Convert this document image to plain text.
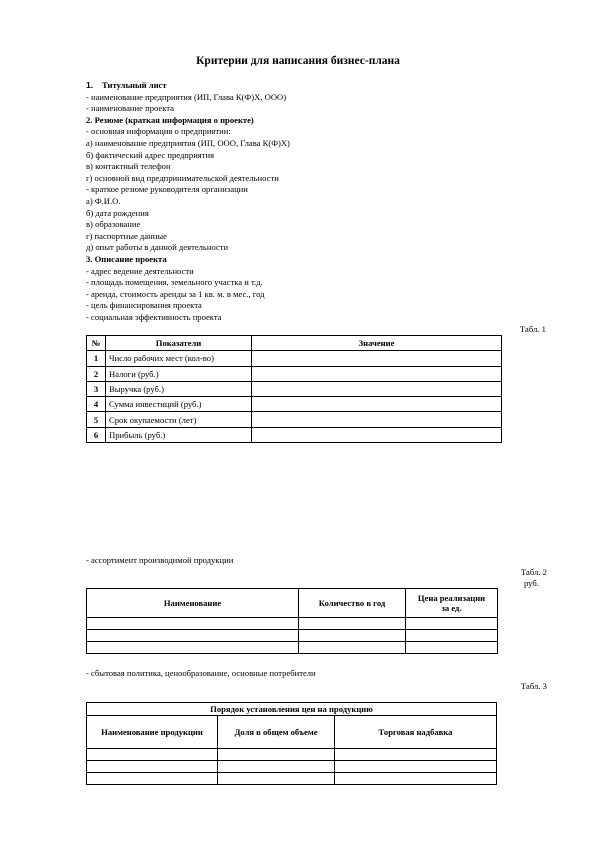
Критерии для написания бизнес-плана
1. Титульный лист
- наименование предприятия (ИП, Глава К(Ф)Х, ООО)
- наименование проекта
2. Резюме (краткая информация о проекте)
- основная информация о предприятии:
а) наименование предприятия (ИП, ООО, Глава К(Ф)Х)
б) фактический адрес предприятия
в) контактный телефон
г) основной вид предпринимательской деятельности
- краткое резюме руководителя организации
а) Ф.И.О.
б) дата рождения
в) образование
г) паспортные данные
д) опыт работы в данной деятельности
3. Описание проекта
- адрес ведение деятельности
- площадь помещения, земельного участка и т.д.
- аренда, стоимость аренды за 1 кв. м. в мес., год
- цель финансирования проекта
- социальная эффективность проекта
Табл. 1
№	Показатели	Значение
1	Число рабочих мест (кол-во)	
2	Налоги (руб.)	
3	Выручка (руб.)	
4	Сумма инвестиций (руб.)	
5	Срок окупаемости (лет)	
6	Прибыль (руб.)	
- ассортимент производимой продукции
Табл. 2
руб.
Наименование	Количество в год	Цена реализации за ед.

- сбытовая политика, ценообразование, основные потребители
Табл. 3
Порядок установления цен на продукцию		
Наименование продукции	Доля в общем объеме	Торговая надбавка
